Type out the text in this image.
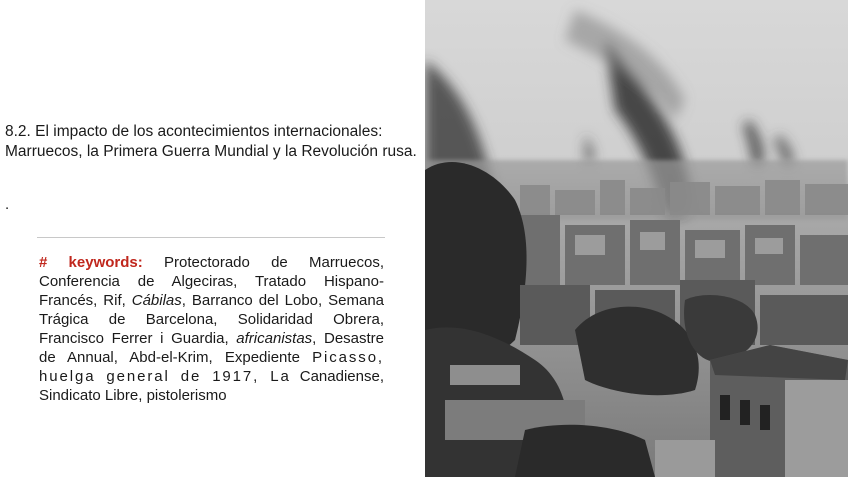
8.2. El impacto de los acontecimientos internacionales: Marruecos, la Primera Guerra Mundial y la Revolución rusa.
.
# keywords: Protectorado de Marruecos, Conferencia de Algeciras, Tratado Hispano-Francés, Rif, Cábilas, Barranco del Lobo, Semana Trágica de Barcelona, Solidaridad Obrera, Francisco Ferrer i Guardia, africanistas, Desastre de Annual, Abd-el-Krim, Expediente Picasso, huelga general de 1917, La Canadiense, Sindicato Libre, pistolerismo
